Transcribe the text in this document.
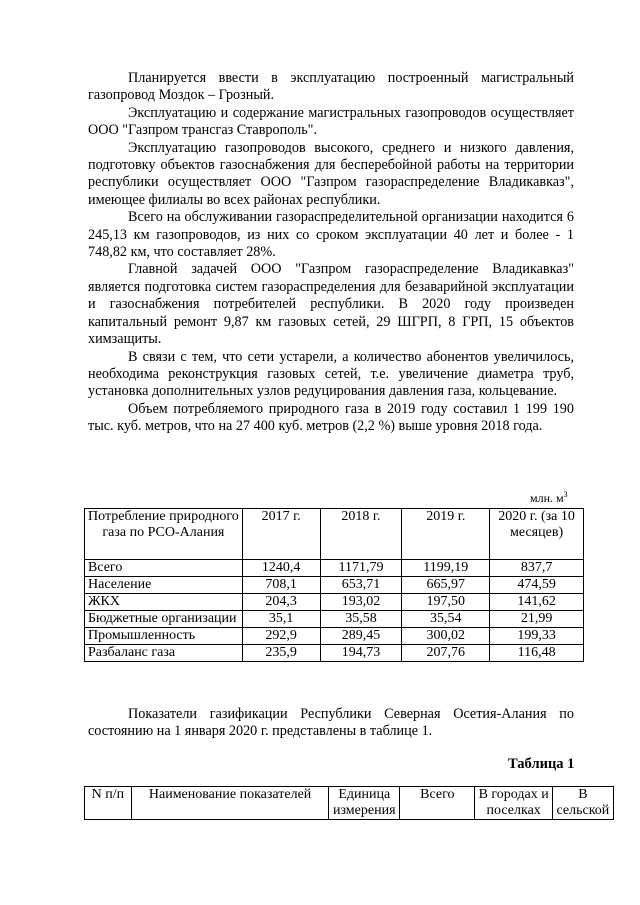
Планируется ввести в эксплуатацию построенный магистральный газопровод Моздок – Грозный.

Эксплуатацию и содержание магистральных газопроводов осуществляет ООО "Газпром трансгаз Ставрополь".

Эксплуатацию газопроводов высокого, среднего и низкого давления, подготовку объектов газоснабжения для бесперебойной работы на территории республики осуществляет ООО "Газпром газораспределение Владикавказ", имеющее филиалы во всех районах республики.

Всего на обслуживании газораспределительной организации находится 6 245,13 км газопроводов, из них со сроком эксплуатации 40 лет и более - 1 748,82 км, что составляет 28%.

Главной задачей ООО "Газпром газораспределение Владикавказ" является подготовка систем газораспределения для безаварийной эксплуатации и газоснабжения потребителей республики. В 2020 году произведен капитальный ремонт 9,87 км газовых сетей, 29 ШГРП, 8 ГРП, 15 объектов химзащиты.

В связи с тем, что сети устарели, а количество абонентов увеличилось, необходима реконструкция газовых сетей, т.е. увеличение диаметра труб, установка дополнительных узлов редуцирования давления газа, кольцевание.

Объем потребляемого природного газа в 2019 году составил 1 199 190 тыс. куб. метров, что на 27 400 куб. метров (2,2 %) выше уровня 2018 года.

млн. $м^3$
Потребление природного газа по РСО-Алания	2017 г.	2018 г.	2019 г.	2020 г. (за 10 месяцев)
Всего	1240,4	1171,79	1199,19	837,7
Население	708,1	653,71	665,97	474,59
ЖКХ	204,3	193,02	197,50	141,62
Бюджетные организации	35,1	35,58	35,54	21,99
Промышленность	292,9	289,45	300,02	199,33
Разбаланс газа	235,9	194,73	207,76	116,48

Показатели газификации Республики Северная Осетия-Алания по состоянию на 1 января 2020 г. представлены в таблице 1.

Таблица 1
N п/п	Наименование показателей	Единица измерения	Всего	В городах и поселках	В сельской
